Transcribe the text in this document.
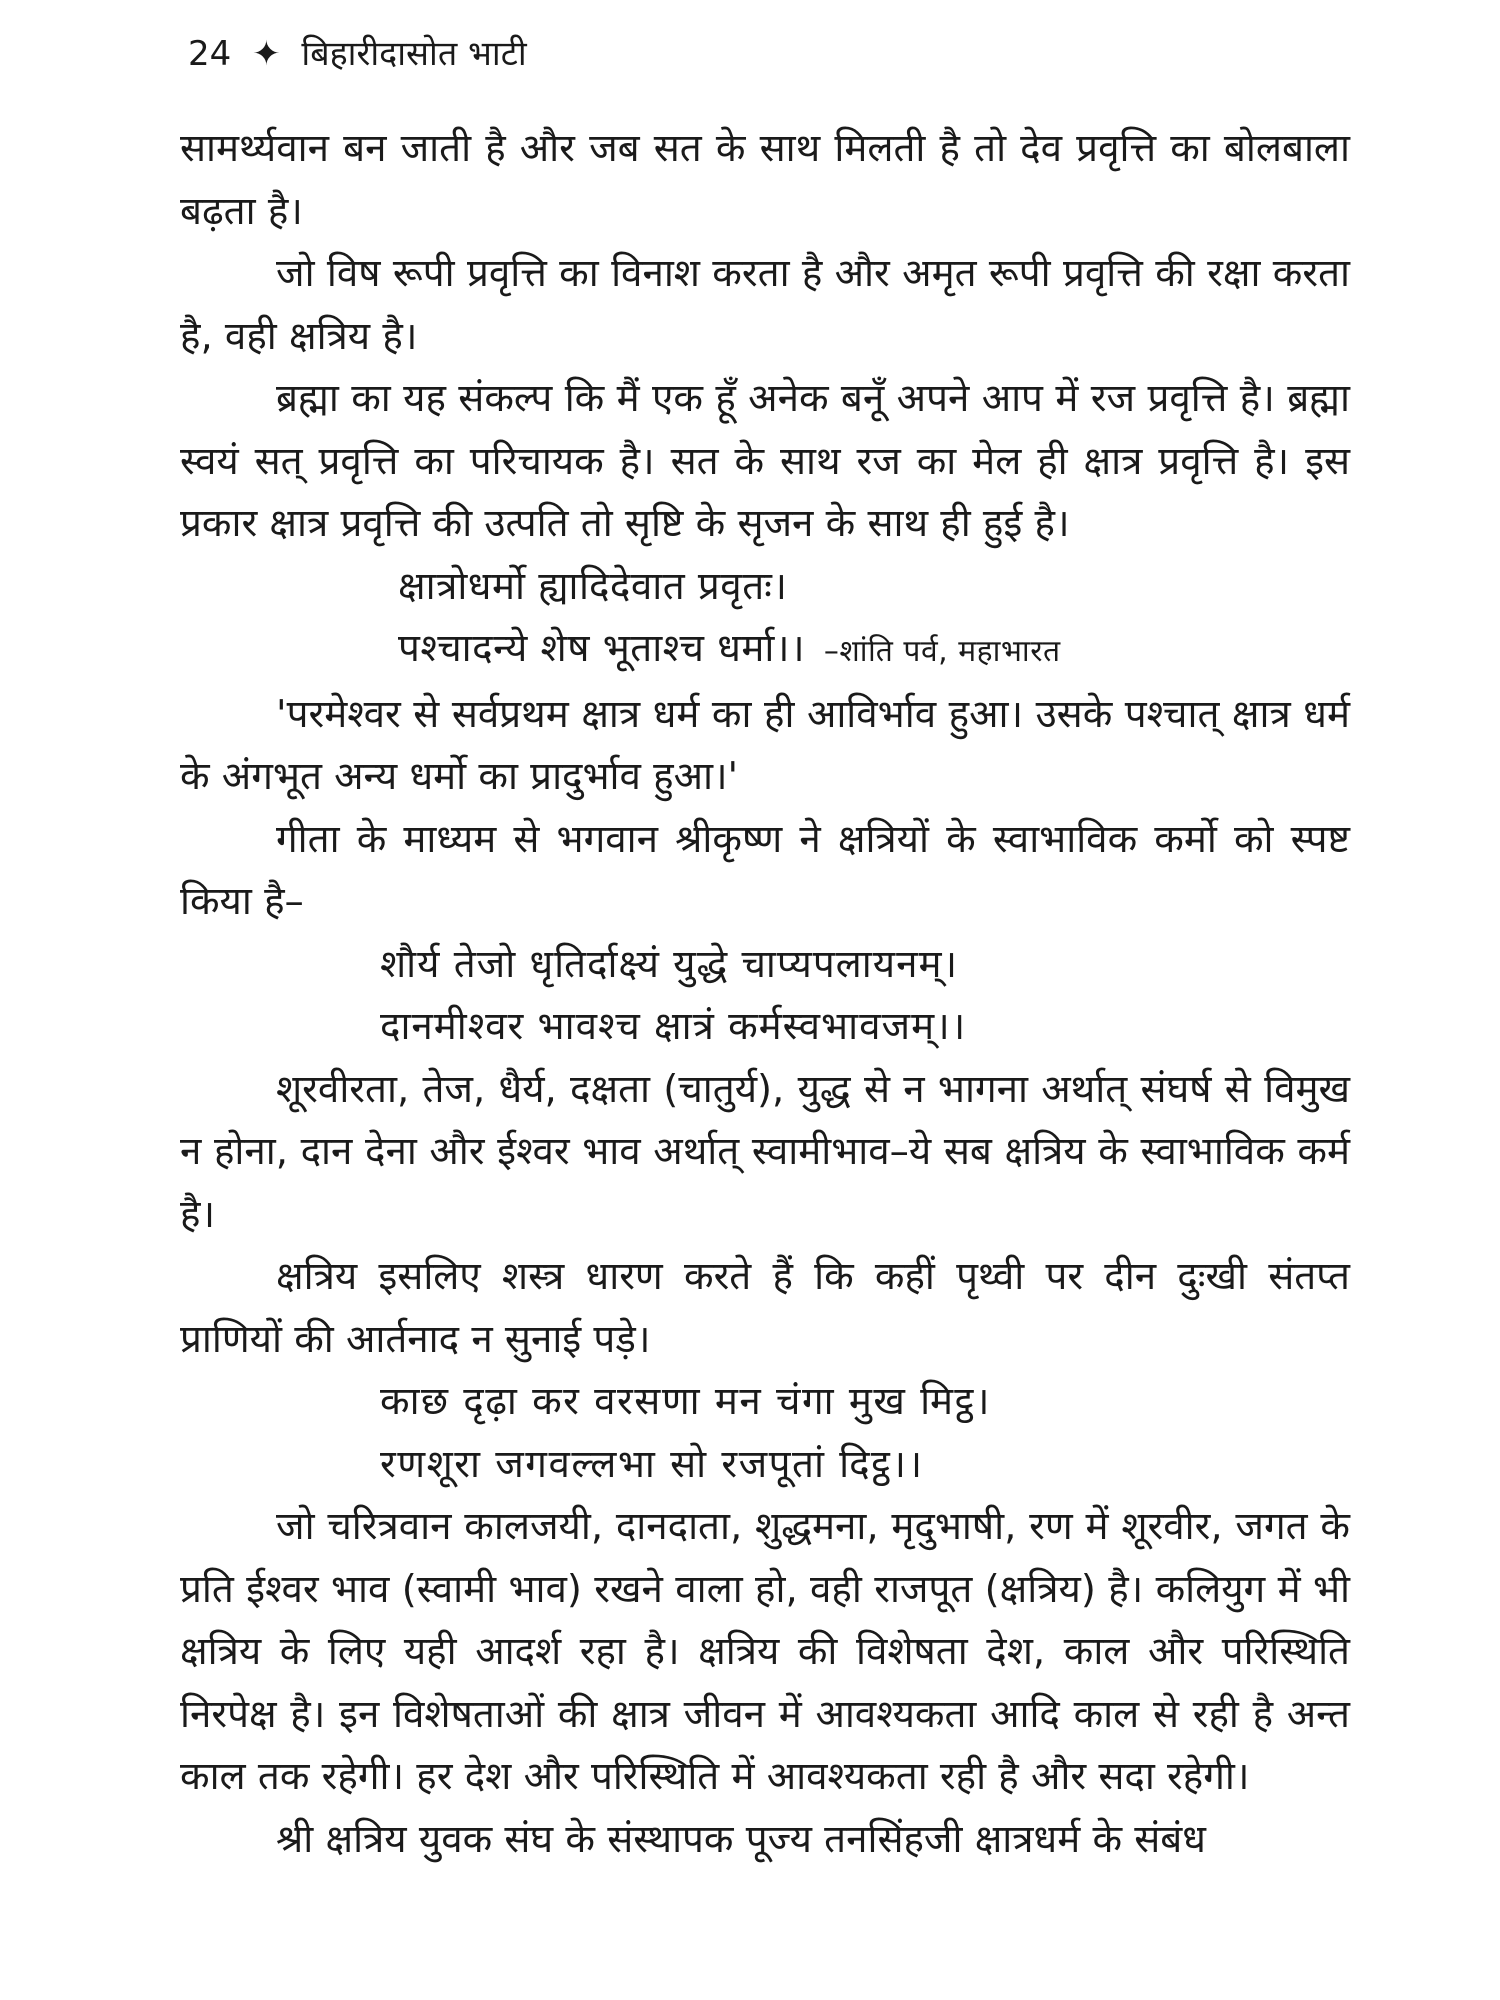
24 ✦ बिहारीदासोत भाटी

सामर्थ्यवान बन जाती है और जब सत के साथ मिलती है तो देव प्रवृत्ति का बोलबाला बढ़ता है।

जो विष रूपी प्रवृत्ति का विनाश करता है और अमृत रूपी प्रवृत्ति की रक्षा करता है, वही क्षत्रिय है।

ब्रह्मा का यह संकल्प कि मैं एक हूँ अनेक बनूँ अपने आप में रज प्रवृत्ति है। ब्रह्मा स्वयं सत् प्रवृत्ति का परिचायक है। सत के साथ रज का मेल ही क्षात्र प्रवृत्ति है। इस प्रकार क्षात्र प्रवृत्ति की उत्पति तो सृष्टि के सृजन के साथ ही हुई है।

क्षात्रोधर्मो ह्यादिदेवात प्रवृतः।
पश्चादन्ये शेष भूताश्च धर्मा।। –शांति पर्व, महाभारत

'परमेश्वर से सर्वप्रथम क्षात्र धर्म का ही आविर्भाव हुआ। उसके पश्चात् क्षात्र धर्म के अंगभूत अन्य धर्मो का प्रादुर्भाव हुआ।'

गीता के माध्यम से भगवान श्रीकृष्ण ने क्षत्रियों के स्वाभाविक कर्मो को स्पष्ट किया है–

शौर्य तेजो धृतिर्दाक्ष्यं युद्धे चाप्यपलायनम्।
दानमीश्वर भावश्च क्षात्रं कर्मस्वभावजम्।।

शूरवीरता, तेज, धैर्य, दक्षता (चातुर्य), युद्ध से न भागना अर्थात् संघर्ष से विमुख न होना, दान देना और ईश्वर भाव अर्थात् स्वामीभाव–ये सब क्षत्रिय के स्वाभाविक कर्म है।

क्षत्रिय इसलिए शस्त्र धारण करते हैं कि कहीं पृथ्वी पर दीन दुःखी संतप्त प्राणियों की आर्तनाद न सुनाई पड़े।

काछ दृढ़ा कर वरसणा मन चंगा मुख मिट्ठ।
रणशूरा जगवल्लभा सो रजपूतां दिट्ठ।।

जो चरित्रवान कालजयी, दानदाता, शुद्धमना, मृदुभाषी, रण में शूरवीर, जगत के प्रति ईश्वर भाव (स्वामी भाव) रखने वाला हो, वही राजपूत (क्षत्रिय) है। कलियुग में भी क्षत्रिय के लिए यही आदर्श रहा है। क्षत्रिय की विशेषता देश, काल और परिस्थिति निरपेक्ष है। इन विशेषताओं की क्षात्र जीवन में आवश्यकता आदि काल से रही है अन्त काल तक रहेगी। हर देश और परिस्थिति में आवश्यकता रही है और सदा रहेगी।

श्री क्षत्रिय युवक संघ के संस्थापक पूज्य तनसिंहजी क्षात्रधर्म के संबंध
